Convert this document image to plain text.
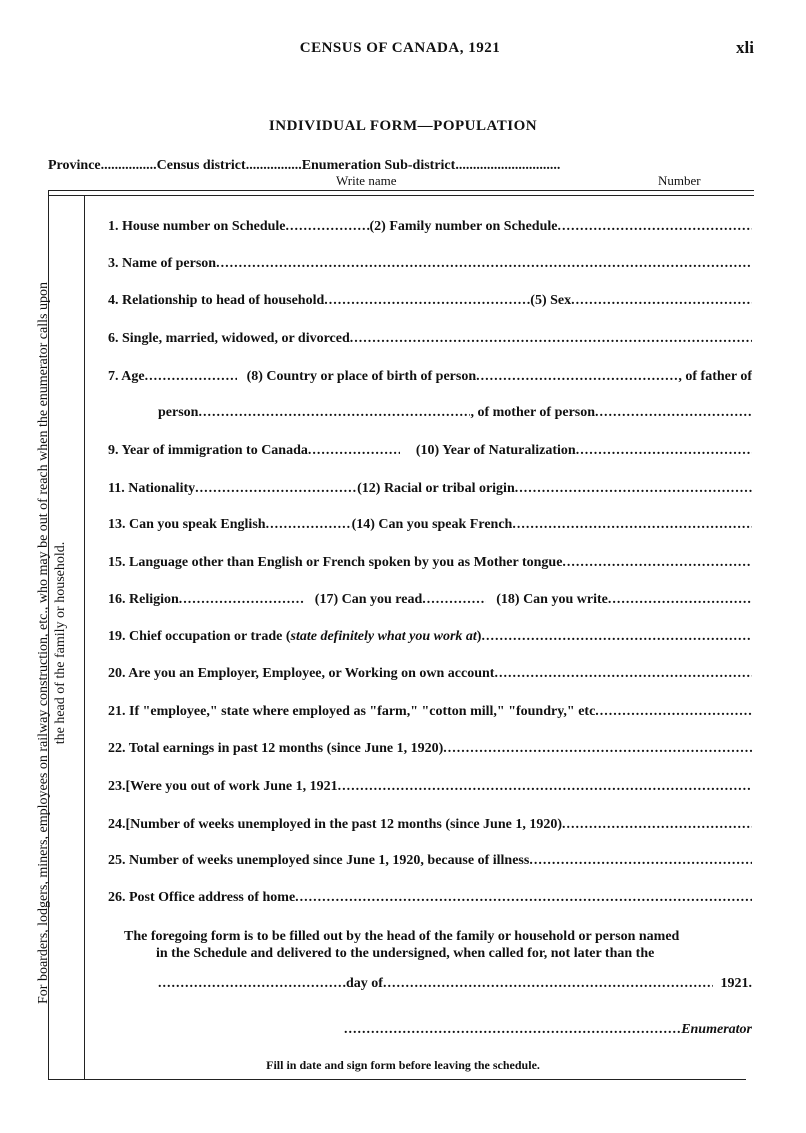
CENSUS OF CANADA, 1921	xli
INDIVIDUAL FORM—POPULATION
Province ................ Census district ................ Enumeration Sub-district ..............................
Write name	Number
For boarders, lodgers, miners, employees on railway construction, etc., who may be out of reach when the enumerator calls upon the head of the family or household.
1. House number on Schedule .....	(2) Family number on Schedule
.....
3. Name of person
.....
4. Relationship to head of household .....	(5) Sex
.....
6. Single, married, widowed, or divorced
.....
7. Age .....	(8) Country or place of birth of person .....	, of father of
person .....	, of mother of person
.....
9. Year of immigration to Canada .....	(10) Year of Naturalization
.....
11. Nationality .....	(12) Racial or tribal origin
.....
13. Can you speak English .....	(14) Can you speak French
.....
15. Language other than English or French spoken by you as Mother tongue
.....
16. Religion .....	(17) Can you read .....	(18) Can you write
.....
19. Chief occupation or trade ( state definitely what you work at )
.....
20. Are you an Employer, Employee, or Working on own account
.....
21. If "employee," state where employed as "farm," "cotton mill," "foundry," etc
.....
22. Total earnings in past 12 months (since June 1, 1920)
.....
23.[Were you out of work June 1, 1921
.....
24.[Number of weeks unemployed in the past 12 months (since June 1, 1920)
.....
25. Number of weeks unemployed since June 1, 1920, because of illness
.....
26. Post Office address of home
.....
The foregoing form is to be filled out by the head of the family or household or person named
in the Schedule and delivered to the undersigned, when called for, not later than the
.....
day of .....	1921.
.....
Enumerator
Fill in date and sign form before leaving the schedule.
